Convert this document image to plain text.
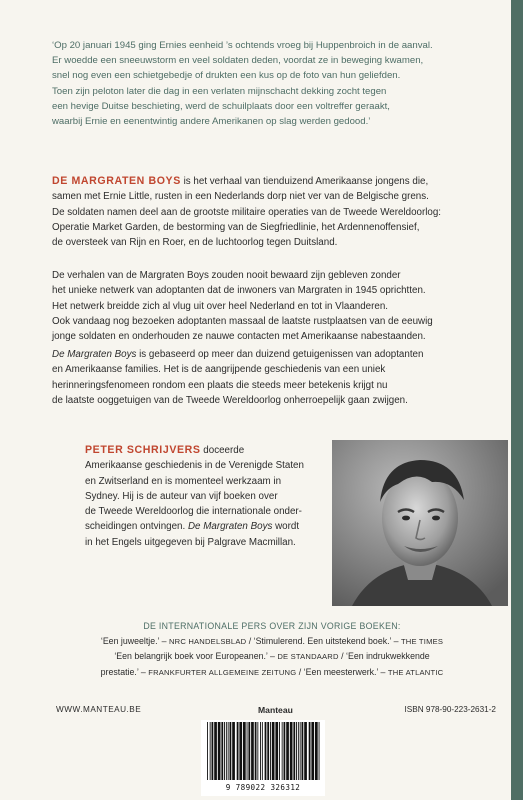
‘Op 20 januari 1945 ging Ernies eenheid ’s ochtends vroeg bij Huppenbroich in de aanval.
Er woedde een sneeuwstorm en veel soldaten deden, voordat ze in beweging kwamen,
snel nog even een schietgebedje of drukten een kus op de foto van hun geliefden.
Toen zijn peloton later die dag in een verlaten mijnschacht dekking zocht tegen
een hevige Duitse beschieting, werd de schuilplaats door een voltreffer geraakt,
waarbij Ernie en eenentwintig andere Amerikanen op slag werden gedood.’
DE MARGRATEN BOYS is het verhaal van tienduizend Amerikaanse jongens die,
samen met Ernie Little, rusten in een Nederlands dorp niet ver van de Belgische grens.
De soldaten namen deel aan de grootste militaire operaties van de Tweede Wereldoorlog:
Operatie Market Garden, de bestorming van de Siegfriedlinie, het Ardennenoffensief,
de oversteek van Rijn en Roer, en de luchtoorlog tegen Duitsland.
De verhalen van de Margraten Boys zouden nooit bewaard zijn gebleven zonder
het unieke netwerk van adoptanten dat de inwoners van Margraten in 1945 oprichtten.
Het netwerk breidde zich al vlug uit over heel Nederland en tot in Vlaanderen.
Ook vandaag nog bezoeken adoptanten massaal de laatste rustplaatsen van de eeuwig
jonge soldaten en onderhouden ze nauwe contacten met Amerikaanse nabestaanden.
De Margraten Boys is gebaseerd op meer dan duizend getuigenissen van adoptanten
en Amerikaanse families. Het is de aangrijpende geschiedenis van een uniek
herinneringsfenomeen rondom een plaats die steeds meer betekenis krijgt nu
de laatste ooggetuigen van de Tweede Wereldoorlog onherroepelijk gaan zwijgen.
PETER SCHRIJVERS doceerde
Amerikaanse geschiedenis in de Verenigde Staten
en Zwitserland en is momenteel werkzaam in
Sydney. Hij is de auteur van vijf boeken over
de Tweede Wereldoorlog die internationale onder-
scheidingen ontvingen. De Margraten Boys wordt
in het Engels uitgegeven bij Palgrave Macmillan.
DE INTERNATIONALE PERS OVER ZIJN VORIGE BOEKEN:
‘Een juweeltje.’ – NRC HANDELSBLAD / ‘Stimulerend. Een uitstekend boek.’ – THE TIMES
‘Een belangrijk boek voor Europeanen.’ – DE STANDAARD / ‘Een indrukwekkende
prestatie.’ – FRANKFURTER ALLGEMEINE ZEITUNG / ‘Een meesterwerk.’ – THE ATLANTIC
WWW.MANTEAU.BE	Manteau	ISBN 978-90-223-2631-2
9 789022 326312
